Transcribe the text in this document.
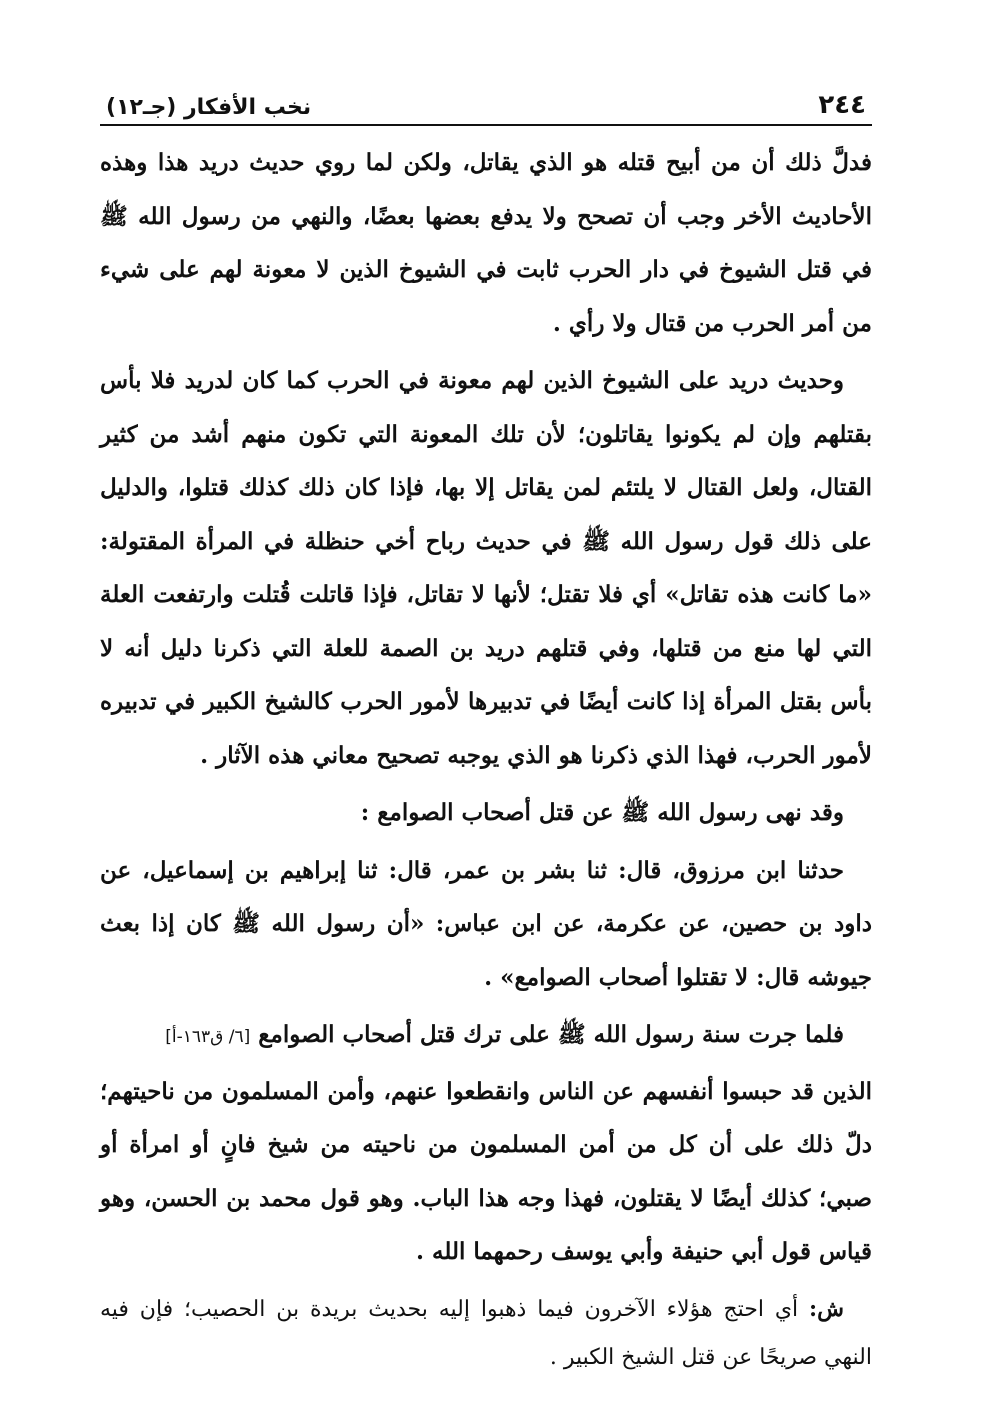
٢٤٤
نخب الأفكار (جـ١٢)

فدلَّ ذلك أن من أبيح قتله هو الذي يقاتل، ولكن لما روي حديث دريد هذا وهذه الأحاديث الأخر وجب أن تصحح ولا يدفع بعضها بعضًا، والنهي من رسول الله ﷺ في قتل الشيوخ في دار الحرب ثابت في الشيوخ الذين لا معونة لهم على شيء من أمر الحرب من قتال ولا رأي .

وحديث دريد على الشيوخ الذين لهم معونة في الحرب كما كان لدريد فلا بأس بقتلهم وإن لم يكونوا يقاتلون؛ لأن تلك المعونة التي تكون منهم أشد من كثير القتال، ولعل القتال لا يلتئم لمن يقاتل إلا بها، فإذا كان ذلك كذلك قتلوا، والدليل على ذلك قول رسول الله ﷺ في حديث رباح أخي حنظلة في المرأة المقتولة: «ما كانت هذه تقاتل» أي فلا تقتل؛ لأنها لا تقاتل، فإذا قاتلت قُتلت وارتفعت العلة التي لها منع من قتلها، وفي قتلهم دريد بن الصمة للعلة التي ذكرنا دليل أنه لا بأس بقتل المرأة إذا كانت أيضًا في تدبيرها لأمور الحرب كالشيخ الكبير في تدبيره لأمور الحرب، فهذا الذي ذكرنا هو الذي يوجبه تصحيح معاني هذه الآثار .

وقد نهى رسول الله ﷺ عن قتل أصحاب الصوامع :

حدثنا ابن مرزوق، قال: ثنا بشر بن عمر، قال: ثنا إبراهيم بن إسماعيل، عن داود بن حصين، عن عكرمة، عن ابن عباس: «أن رسول الله ﷺ كان إذا بعث جيوشه قال: لا تقتلوا أصحاب الصوامع» .

فلما جرت سنة رسول الله ﷺ على ترك قتل أصحاب الصوامع [٦/ ق١٦٣-أ]

الذين قد حبسوا أنفسهم عن الناس وانقطعوا عنهم، وأمن المسلمون من ناحيتهم؛ دلّ ذلك على أن كل من أمن المسلمون من ناحيته من شيخ فانٍ أو امرأة أو صبي؛ كذلك أيضًا لا يقتلون، فهذا وجه هذا الباب. وهو قول محمد بن الحسن، وهو قياس قول أبي حنيفة وأبي يوسف رحمهما الله .

ش: أي احتج هؤلاء الآخرون فيما ذهبوا إليه بحديث بريدة بن الحصيب؛ فإن فيه النهي صريحًا عن قتل الشيخ الكبير .
